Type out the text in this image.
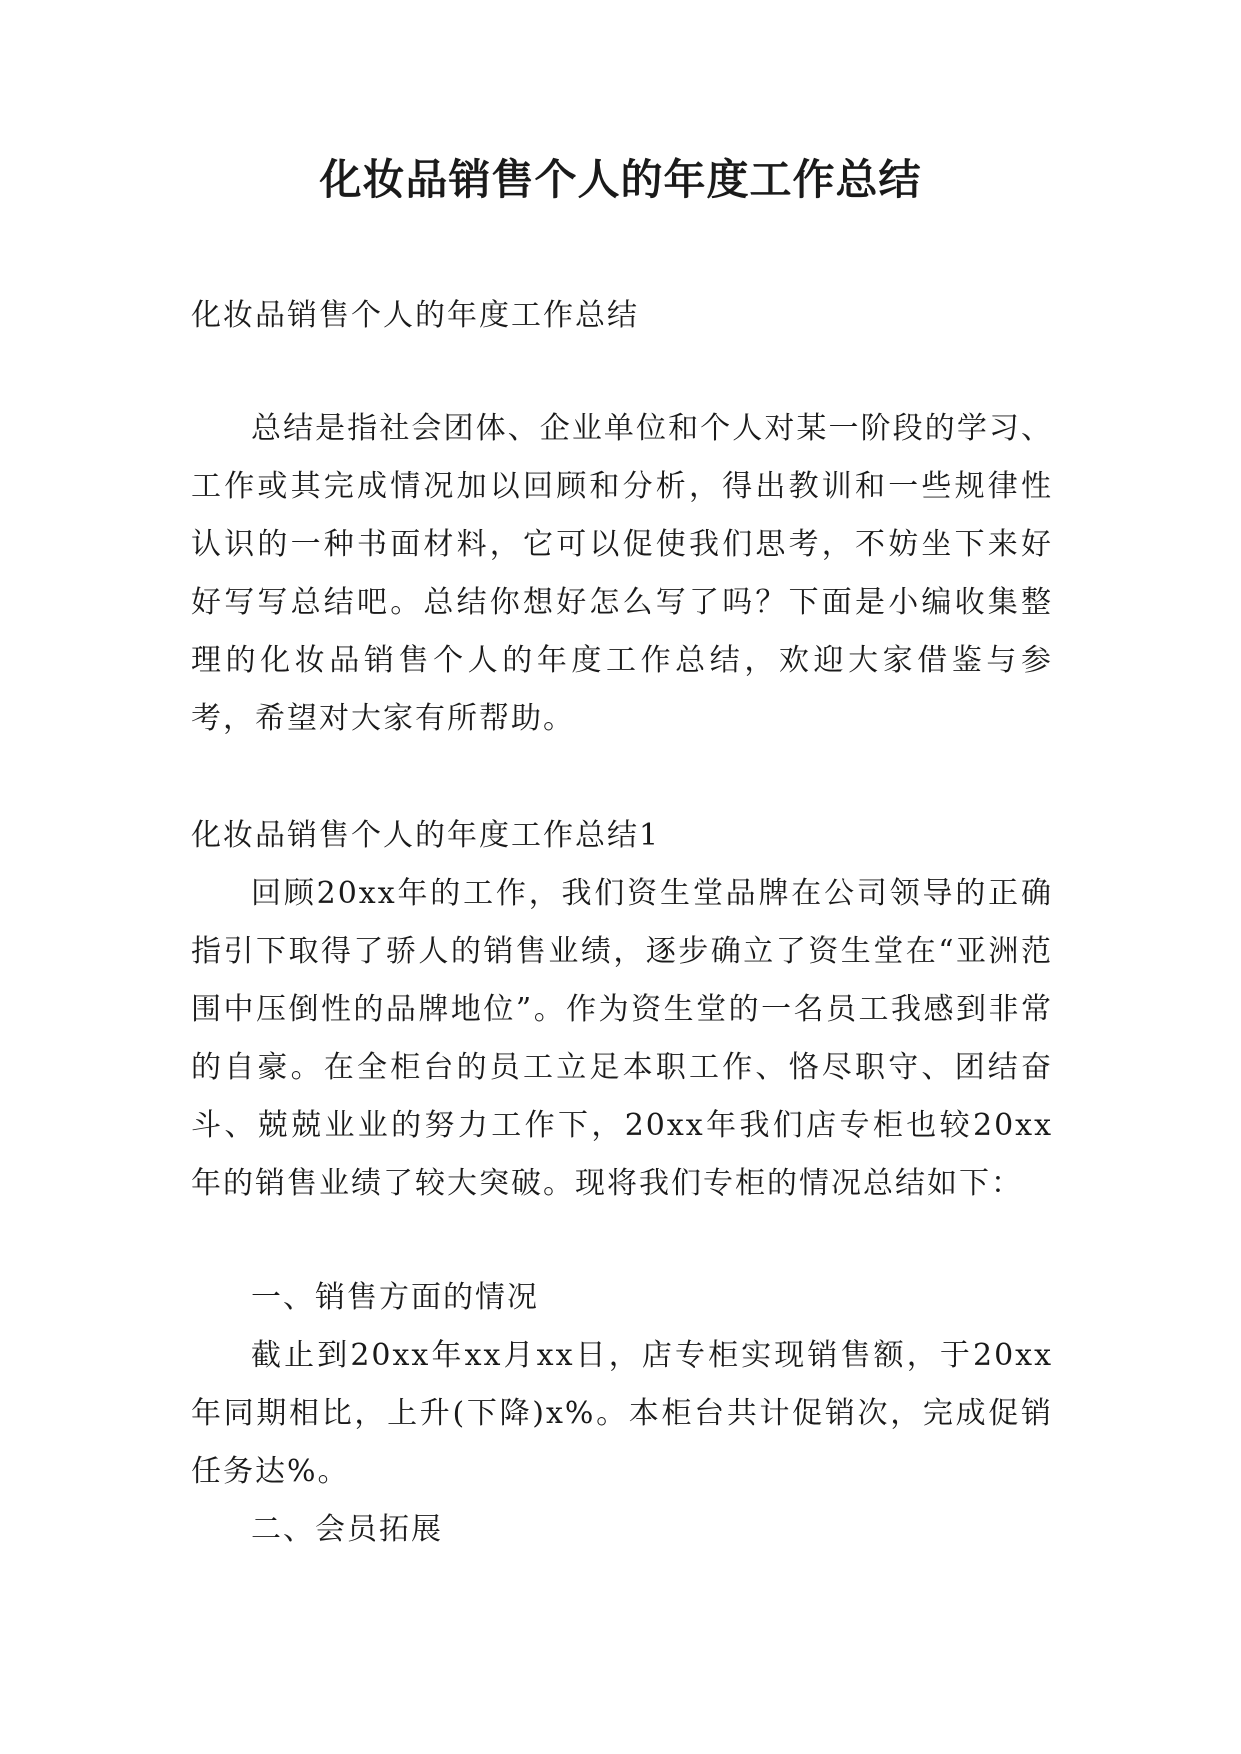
化妆品销售个人的年度工作总结

化妆品销售个人的年度工作总结

总结是指社会团体、企业单位和个人对某一阶段的学习、工作或其完成情况加以回顾和分析，得出教训和一些规律性认识的一种书面材料，它可以促使我们思考，不妨坐下来好好写写总结吧。总结你想好怎么写了吗？下面是小编收集整理的化妆品销售个人的年度工作总结，欢迎大家借鉴与参考，希望对大家有所帮助。

化妆品销售个人的年度工作总结1

回顾20xx年的工作，我们资生堂品牌在公司领导的正确指引下取得了骄人的销售业绩，逐步确立了资生堂在“亚洲范围中压倒性的品牌地位”。作为资生堂的一名员工我感到非常的自豪。在全柜台的员工立足本职工作、恪尽职守、团结奋斗、兢兢业业的努力工作下，20xx年我们店专柜也较20xx年的销售业绩了较大突破。现将我们专柜的情况总结如下：

一、销售方面的情况

截止到20xx年xx月xx日，店专柜实现销售额，于20xx年同期相比，上升(下降)x%。本柜台共计促销次，完成促销任务达%。

二、会员拓展
